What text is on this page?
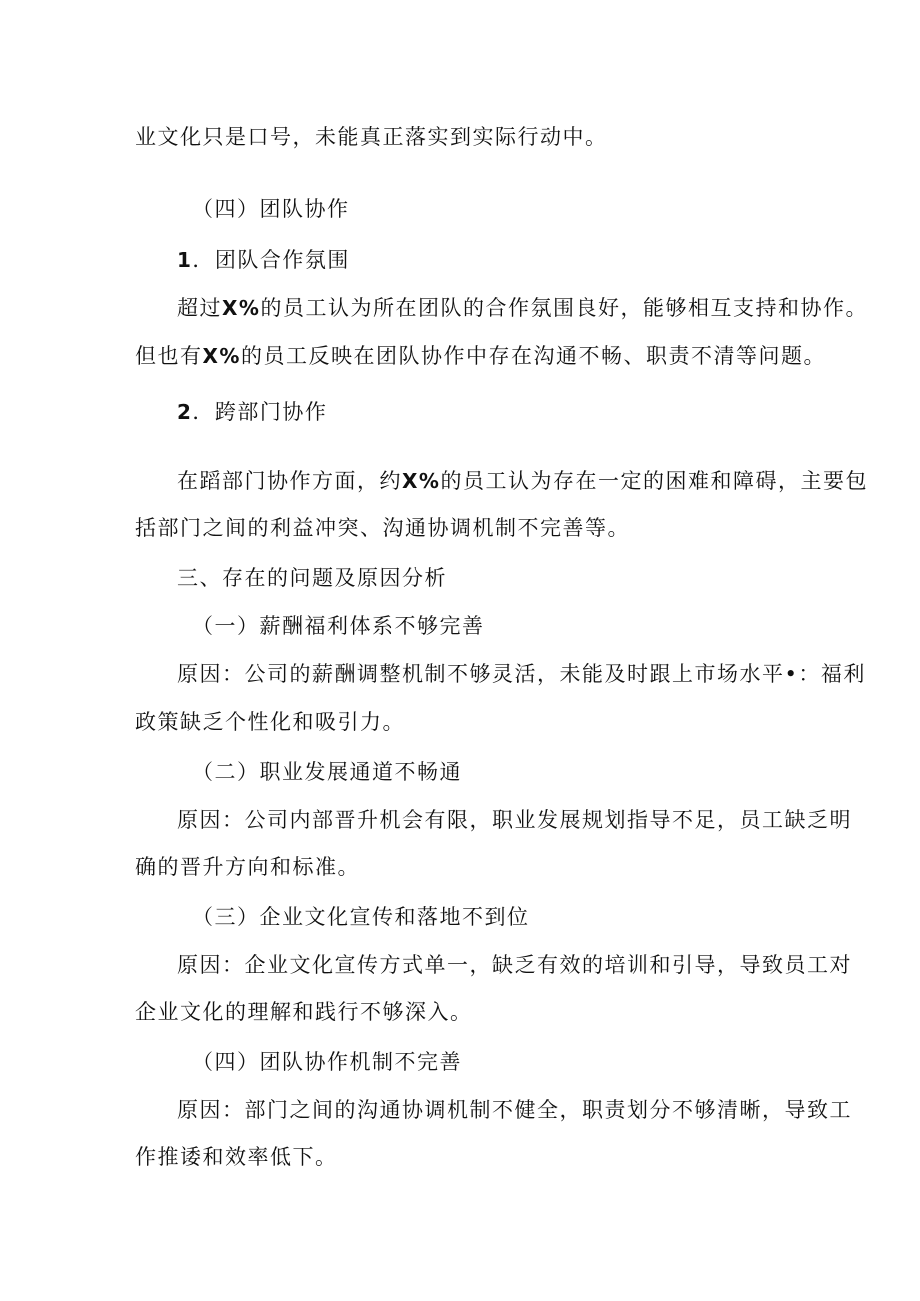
业文化只是口号，未能真正落实到实际行动中。
（四）团队协作
1．团队合作氛围
超过X%的员工认为所在团队的合作氛围良好，能够相互支持和协作。
但也有X%的员工反映在团队协作中存在沟通不畅、职责不清等问题。
2．跨部门协作
在蹈部门协作方面，约X%的员工认为存在一定的困难和障碍，主要包
括部门之间的利益冲突、沟通协调机制不完善等。
三、存在的问题及原因分析
（一）薪酬福利体系不够完善
原因：公司的薪酬调整机制不够灵活，未能及时跟上市场水平•：福利
政策缺乏个性化和吸引力。
（二）职业发展通道不畅通
原因：公司内部晋升机会有限，职业发展规划指导不足，员工缺乏明
确的晋升方向和标准。
（三）企业文化宣传和落地不到位
原因：企业文化宣传方式单一，缺乏有效的培训和引导，导致员工对
企业文化的理解和践行不够深入。
（四）团队协作机制不完善
原因：部门之间的沟通协调机制不健全，职责划分不够清晰，导致工
作推诿和效率低下。
